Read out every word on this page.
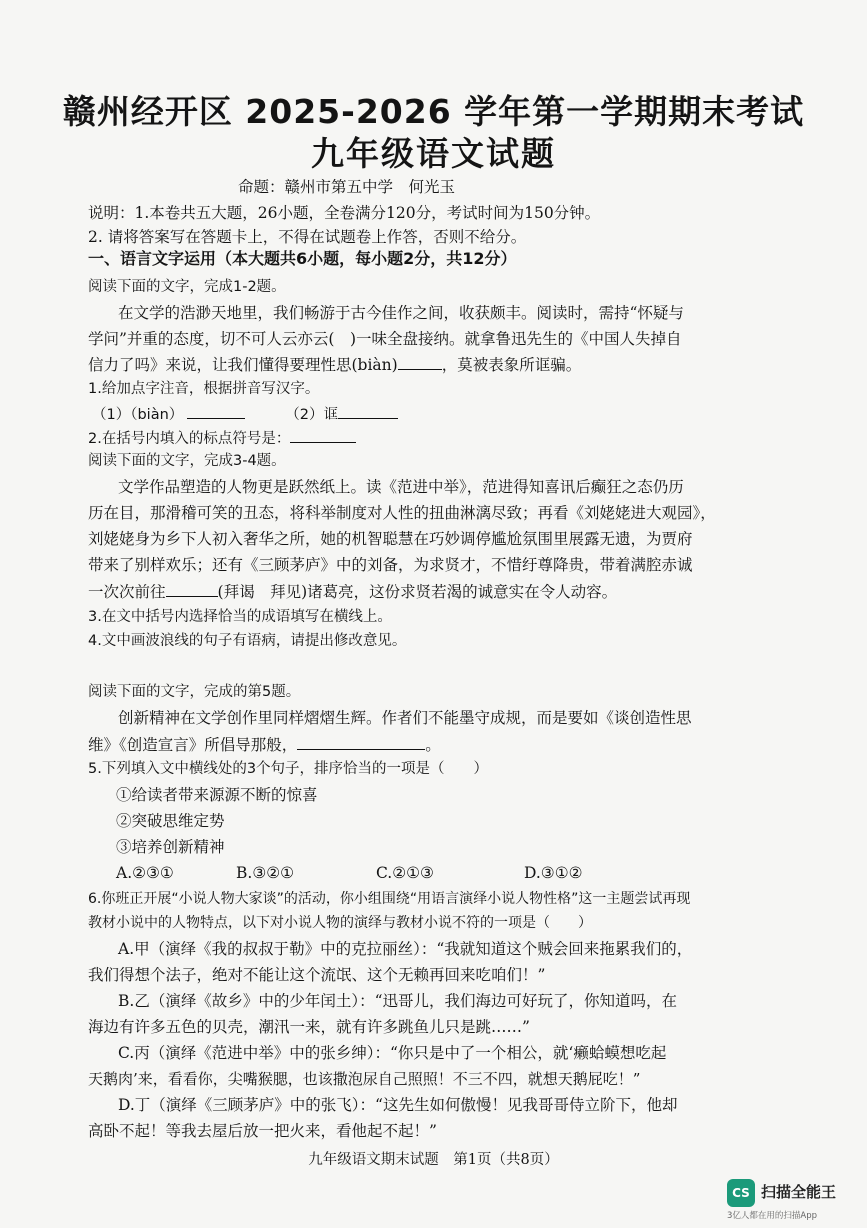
赣州经开区 2025-2026 学年第一学期期末考试
九年级语文试题
命题：赣州市第五中学　何光玉
说明：1.本卷共五大题，26小题，全卷满分120分，考试时间为150分钟。
2. 请将答案写在答题卡上，不得在试题卷上作答，否则不给分。
一、语言文字运用（本大题共6小题，每小题2分，共12分）
阅读下面的文字，完成1-2题。
在文学的浩渺天地里，我们畅游于古今佳作之间，收获颇丰。阅读时，需持“怀疑与
学问”并重的态度，切不可人云亦云(　)一味全盘接纳。就拿鲁迅先生的《中国人失掉自
信力了吗》来说，让我们懂得要理性思(biàn)	，莫被表象所诓骗。
1.给加点字注音，根据拼音写汉字。
（1）（biàn）	（2）诓
2.在括号内填入的标点符号是：
阅读下面的文字，完成3-4题。
文学作品塑造的人物更是跃然纸上。读《范进中举》，范进得知喜讯后癫狂之态仍历
历在目，那滑稽可笑的丑态，将科举制度对人性的扭曲淋漓尽致；再看《刘姥姥进大观园》，
刘姥姥身为乡下人初入奢华之所，她的机智聪慧在巧妙调停尴尬氛围里展露无遗，为贾府
带来了别样欢乐；还有《三顾茅庐》中的刘备，为求贤才，不惜纡尊降贵，带着满腔赤诚
一次次前往	(拜谒　拜见)诸葛亮，这份求贤若渴的诚意实在令人动容。
3.在文中括号内选择恰当的成语填写在横线上。
4.文中画波浪线的句子有语病，请提出修改意见。
阅读下面的文字，完成的第5题。
创新精神在文学创作里同样熠熠生辉。作者们不能墨守成规，而是要如《谈创造性思
维》《创造宣言》所倡导那般，	。
5.下列填入文中横线处的3个句子，排序恰当的一项是（　　）
①给读者带来源源不断的惊喜
②突破思维定势
③培养创新精神
A.②③①	B.③②①	C.②①③	D.③①②
6.你班正开展“小说人物大家谈”的活动，你小组围绕“用语言演绎小说人物性格”这一主题尝试再现
教材小说中的人物特点，以下对小说人物的演绎与教材小说不符的一项是（　　）
A.甲（演绎《我的叔叔于勒》中的克拉丽丝）：“我就知道这个贼会回来拖累我们的，
我们得想个法子，绝对不能让这个流氓、这个无赖再回来吃咱们！”
B.乙（演绎《故乡》中的少年闰土）：“迅哥儿，我们海边可好玩了，你知道吗，在
海边有许多五色的贝壳，潮汛一来，就有许多跳鱼儿只是跳……”
C.丙（演绎《范进中举》中的张乡绅）：“你只是中了一个相公，就‘癞蛤蟆想吃起
天鹅肉’来，看看你，尖嘴猴腮，也该撒泡尿自己照照！不三不四，就想天鹅屁吃！”
D.丁（演绎《三顾茅庐》中的张飞）：“这先生如何傲慢！见我哥哥侍立阶下，他却
高卧不起！等我去屋后放一把火来，看他起不起！”
九年级语文期末试题　第1页（共8页）
CS 扫描全能王
3亿人都在用的扫描App
